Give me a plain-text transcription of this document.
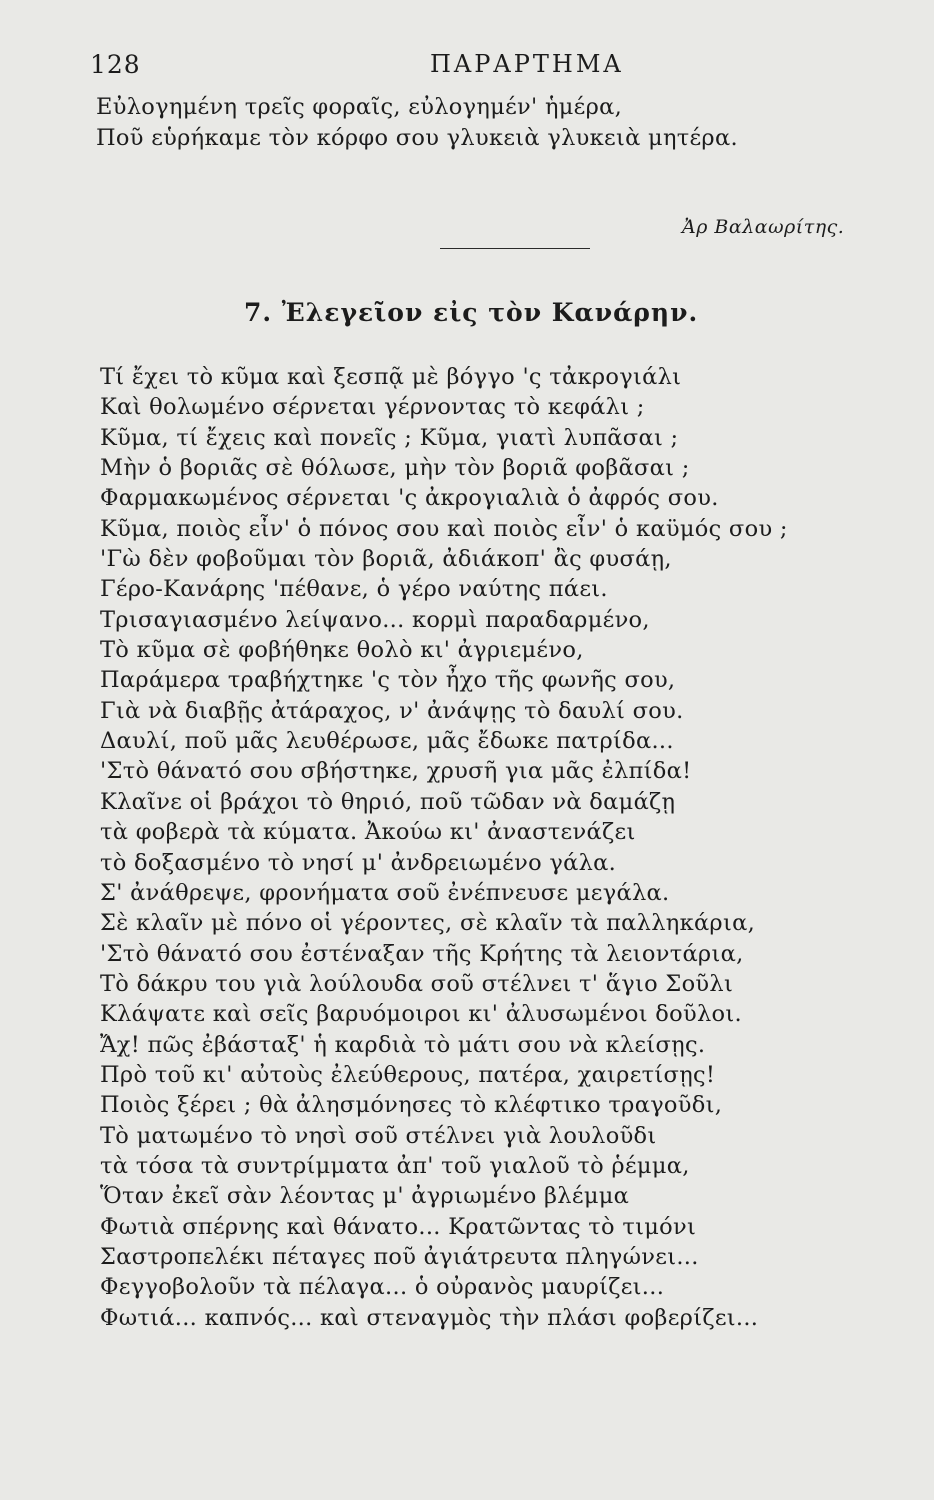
128	ΠΑΡΑΡΤΗΜΑ
Εὐλογημένη τρεῖς φοραῖς, εὐλογημέν' ἡμέρα,
Ποῦ εὑρήκαμε τὸν κόρφο σου γλυκειὰ γλυκειὰ μητέρα.
Ἀρ Βαλαωρίτης.
7. Ἐλεγεῖον εἰς τὸν Κανάρην.
Τί ἔχει τὸ κῦμα καὶ ξεσπᾷ μὲ βόγγο 'ς τἀκρογιάλι
Καὶ θολωμένο σέρνεται γέρνοντας τὸ κεφάλι ;
Κῦμα, τί ἔχεις καὶ πονεῖς ; Κῦμα, γιατὶ λυπᾶσαι ;
Μὴν ὁ βοριᾶς σὲ θόλωσε, μὴν τὸν βοριᾶ φοβᾶσαι ;
Φαρμακωμένος σέρνεται 'ς ἀκρογιαλιὰ ὁ ἀφρός σου.
Κῦμα, ποιὸς εἶν' ὁ πόνος σου καὶ ποιὸς εἶν' ὁ καϋμός σου ;
'Γὼ δὲν φοβοῦμαι τὸν βοριᾶ, ἀδιάκοπ' ἂς φυσάῃ,
Γέρο-Κανάρης 'πέθανε, ὁ γέρο ναύτης πάει.
Τρισαγιασμένο λείψανο... κορμὶ παραδαρμένο,
Τὸ κῦμα σὲ φοβήθηκε θολὸ κι' ἀγριεμένο,
Παράμερα τραβήχτηκε 'ς τὸν ἦχο τῆς φωνῆς σου,
Γιὰ νὰ διαβῇς ἀτάραχος, ν' ἀνάψῃς τὸ δαυλί σου.
Δαυλί, ποῦ μᾶς λευθέρωσε, μᾶς ἔδωκε πατρίδα...
'Στὸ θάνατό σου σβήστηκε, χρυσῆ για μᾶς ἐλπίδα!
Κλαῖνε οἱ βράχοι τὸ θηριό, ποῦ τῶδαν νὰ δαμάζῃ
τὰ φοβερὰ τὰ κύματα. Ἀκούω κι' ἀναστενάζει
τὸ δοξασμένο τὸ νησί μ' ἀνδρειωμένο γάλα.
Σ' ἀνάθρεψε, φρονήματα σοῦ ἐνέπνευσε μεγάλα.
Σὲ κλαῖν μὲ πόνο οἱ γέροντες, σὲ κλαῖν τὰ παλληκάρια,
'Στὸ θάνατό σου ἐστέναξαν τῆς Κρήτης τὰ λειοντάρια,
Τὸ δάκρυ του γιὰ λούλουδα σοῦ στέλνει τ' ἅγιο Σοῦλι
Κλάψατε καὶ σεῖς βαρυόμοιροι κι' ἀλυσωμένοι δοῦλοι.
Ἄχ! πῶς ἐβάσταξ' ἡ καρδιὰ τὸ μάτι σου νὰ κλείσῃς.
Πρὸ τοῦ κι' αὐτοὺς ἐλεύθερους, πατέρα, χαιρετίσῃς!
Ποιὸς ξέρει ; θὰ ἀλησμόνησες τὸ κλέφτικο τραγοῦδι,
Τὸ ματωμένο τὸ νησὶ σοῦ στέλνει γιὰ λουλοῦδι
τὰ τόσα τὰ συντρίμματα ἀπ' τοῦ γιαλοῦ τὸ ῥέμμα,
Ὅταν ἐκεῖ σὰν λέοντας μ' ἀγριωμένο βλέμμα
Φωτιὰ σπέρνης καὶ θάνατο... Κρατῶντας τὸ τιμόνι
Σαστροπελέκι πέταγες ποῦ ἀγιάτρευτα πληγώνει...
Φεγγοβολοῦν τὰ πέλαγα... ὁ οὐρανὸς μαυρίζει...
Φωτιά... καπνός... καὶ στεναγμὸς τὴν πλάσι φοβερίζει...
